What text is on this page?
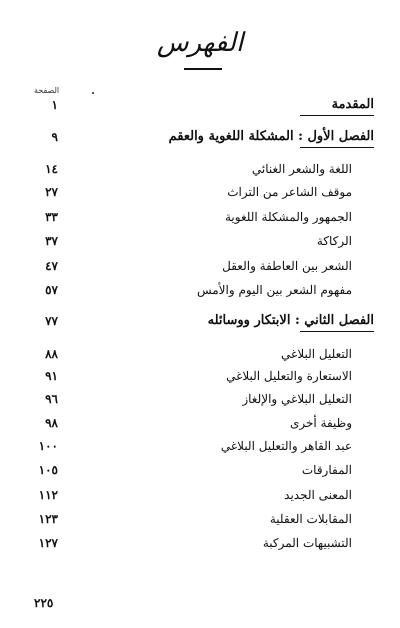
الفهرس
الصفحة
المقدمة
١
الفصل الأول : المشكلة اللغوية والعقم
٩
اللغة والشعر الغنائي
١٤
موقف الشاعر من التراث
٢٧
الجمهور والمشكلة اللغوية
٣٣
الركاكة
٣٧
الشعر بين العاطفة والعقل
٤٧
مفهوم الشعر بين اليوم والأمس
٥٧
الفصل الثاني : الابتكار ووسائله
٧٧
التعليل البلاغي
٨٨
الاستعارة والتعليل البلاغي
٩١
التعليل البلاغي والإلغاز
٩٦
وظيفة أخرى
٩٨
عبد القاهر والتعليل البلاغي
١٠٠
المفارقات
١٠٥
المعنى الجديد
١١٢
المقابلات العقلية
١٢٣
التشبيهات المركبة
١٢٧
٢٢٥
